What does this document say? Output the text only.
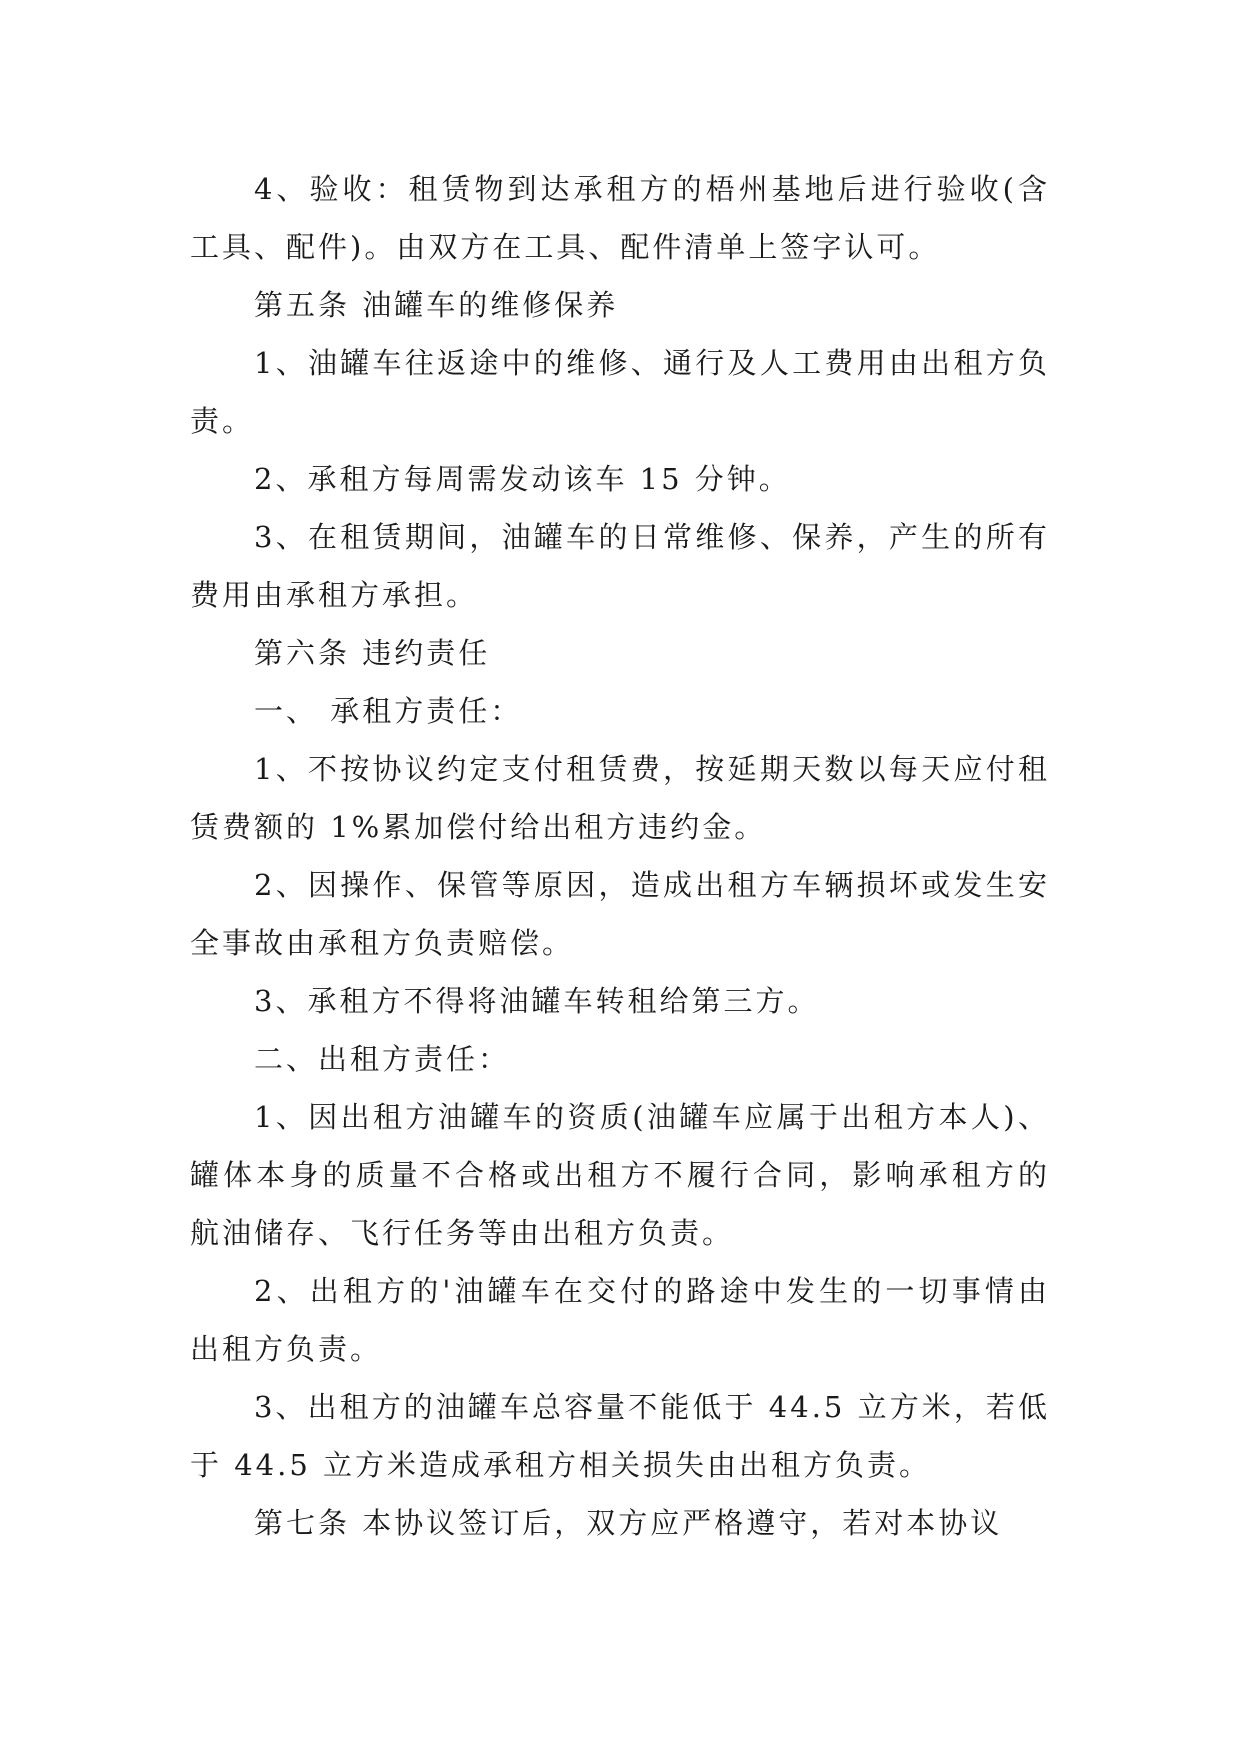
4、验收：租赁物到达承租方的梧州基地后进行验收(含工具、配件)。由双方在工具、配件清单上签字认可。

第五条 油罐车的维修保养

1、油罐车往返途中的维修、通行及人工费用由出租方负责。

2、承租方每周需发动该车 15 分钟。

3、在租赁期间，油罐车的日常维修、保养，产生的所有费用由承租方承担。

第六条 违约责任

一、 承租方责任：

1、不按协议约定支付租赁费，按延期天数以每天应付租赁费额的 1%累加偿付给出租方违约金。

2、因操作、保管等原因，造成出租方车辆损坏或发生安全事故由承租方负责赔偿。

3、承租方不得将油罐车转租给第三方。

二、出租方责任：

1、因出租方油罐车的资质(油罐车应属于出租方本人)、罐体本身的质量不合格或出租方不履行合同，影响承租方的航油储存、飞行任务等由出租方负责。

2、出租方的'油罐车在交付的路途中发生的一切事情由出租方负责。

3、出租方的油罐车总容量不能低于 44.5 立方米，若低于 44.5 立方米造成承租方相关损失由出租方负责。

第七条 本协议签订后，双方应严格遵守，若对本协议
